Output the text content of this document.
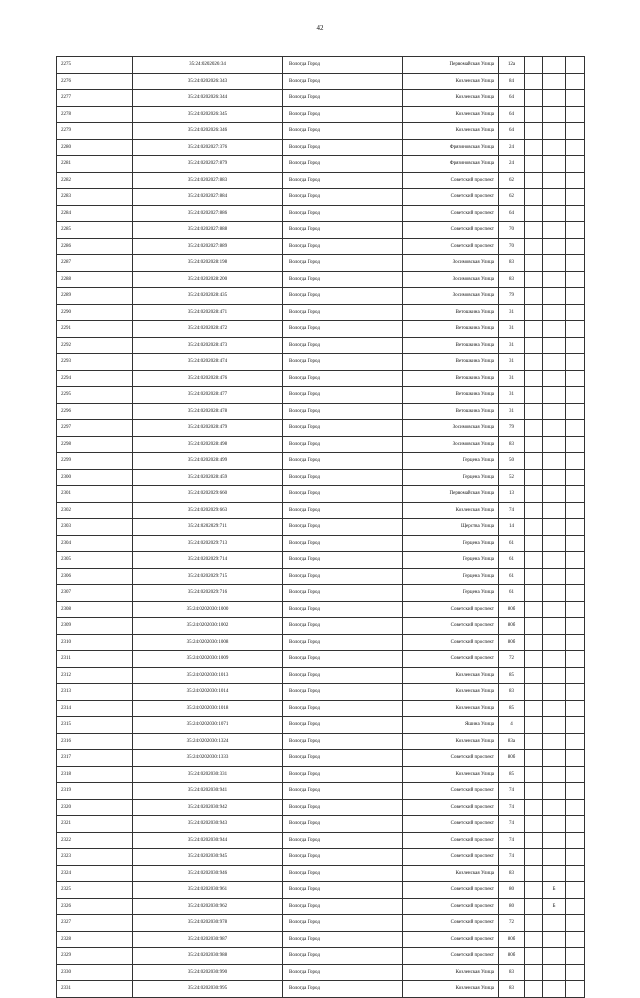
42
2275	35:24:0202026:34	Вологда Город	Первомайская Улица	12а			
2276	35:24:0202026:343	Вологда Город	Козленская Улица	84			
2277	35:24:0202026:344	Вологда Город	Козленская Улица	64			
2278	35:24:0202026:345	Вологда Город	Козленская Улица	64			
2279	35:24:0202026:346	Вологда Город	Козленская Улица	64			
2280	35:24:0202027:376	Вологда Город	Фрязиновская Улица	24			
2281	35:24:0202027:879	Вологда Город	Фрязиновская Улица	24			
2282	35:24:0202027:883	Вологда Город	Советский проспект	62			
2283	35:24:0202027:884	Вологда Город	Советский проспект	62			
2284	35:24:0202027:886	Вологда Город	Советский проспект	64			
2285	35:24:0202027:888	Вологда Город	Советский проспект	70			
2286	35:24:0202027:889	Вологда Город	Советский проспект	70			
2287	35:24:0202028:198	Вологда Город	Зосимовская Улица	83			
2288	35:24:0202028:200	Вологда Город	Зосимовская Улица	83			
2289	35:24:0202028:435	Вологда Город	Зосимовская Улица	79			
2290	35:24:0202028:471	Вологда Город	Ветошкина Улица	31			
2291	35:24:0202028:472	Вологда Город	Ветошкина Улица	31			
2292	35:24:0202028:473	Вологда Город	Ветошкина Улица	31			
2293	35:24:0202028:474	Вологда Город	Ветошкина Улица	31			
2294	35:24:0202028:476	Вологда Город	Ветошкина Улица	31			
2295	35:24:0202028:477	Вологда Город	Ветошкина Улица	31			
2296	35:24:0202028:478	Вологда Город	Ветошкина Улица	31			
2297	35:24:0202028:479	Вологда Город	Зосимовская Улица	79			
2298	35:24:0202028:498	Вологда Город	Зосимовская Улица	83			
2299	35:24:0202028:499	Вологда Город	Герцена Улица	50			
2300	35:24:0202028:459	Вологда Город	Герцена Улица	52			
2301	35:24:0202029:660	Вологда Город	Первомайская Улица	13			
2302	35:24:0202029:663	Вологда Город	Козленская Улица	74			
2303	35:24:0202029:711	Вологда Город	Щерства Улица	14			
2304	35:24:0202029:713	Вологда Город	Герцена Улица	61			
2305	35:24:0202029:714	Вологда Город	Герцена Улица	61			
2306	35:24:0202029:715	Вологда Город	Герцена Улица	61			
2307	35:24:0202029:716	Вологда Город	Герцена Улица	61			
2308	35:24:0202030:1000	Вологда Город	Советский проспект	80б			
2309	35:24:0202030:1002	Вологда Город	Советский проспект	80б			
2310	35:24:0202030:1008	Вологда Город	Советский проспект	80б			
2311	35:24:0202030:1009	Вологда Город	Советский проспект	72			
2312	35:24:0202030:1013	Вологда Город	Козленская Улица	85			
2313	35:24:0202030:1014	Вологда Город	Козленская Улица	83			
2314	35:24:0202030:1018	Вологда Город	Козленская Улица	85			
2315	35:24:0202030:1071	Вологда Город	Яшина Улица	4			
2316	35:24:0202030:1324	Вологда Город	Козленская Улица	83а			
2317	35:24:0202030:1333	Вологда Город	Советский проспект	80б			
2318	35:24:0202030:331	Вологда Город	Козленская Улица	85			
2319	35:24:0202030:941	Вологда Город	Советский проспект	74			
2320	35:24:0202030:942	Вологда Город	Советский проспект	74			
2321	35:24:0202030:943	Вологда Город	Советский проспект	74			
2322	35:24:0202030:944	Вологда Город	Советский проспект	74			
2323	35:24:0202030:945	Вологда Город	Советский проспект	74			
2324	35:24:0202030:946	Вологда Город	Козленская Улица	83			
2325	35:24:0202030:961	Вологда Город	Советский проспект	80		Б	
2326	35:24:0202030:962	Вологда Город	Советский проспект	80		Б	
2327	35:24:0202030:978	Вологда Город	Советский проспект	72			
2328	35:24:0202030:987	Вологда Город	Советский проспект	80б			
2329	35:24:0202030:988	Вологда Город	Советский проспект	80б			
2330	35:24:0202030:990	Вологда Город	Козленская Улица	83			
2331	35:24:0202030:995	Вологда Город	Козленская Улица	83			
